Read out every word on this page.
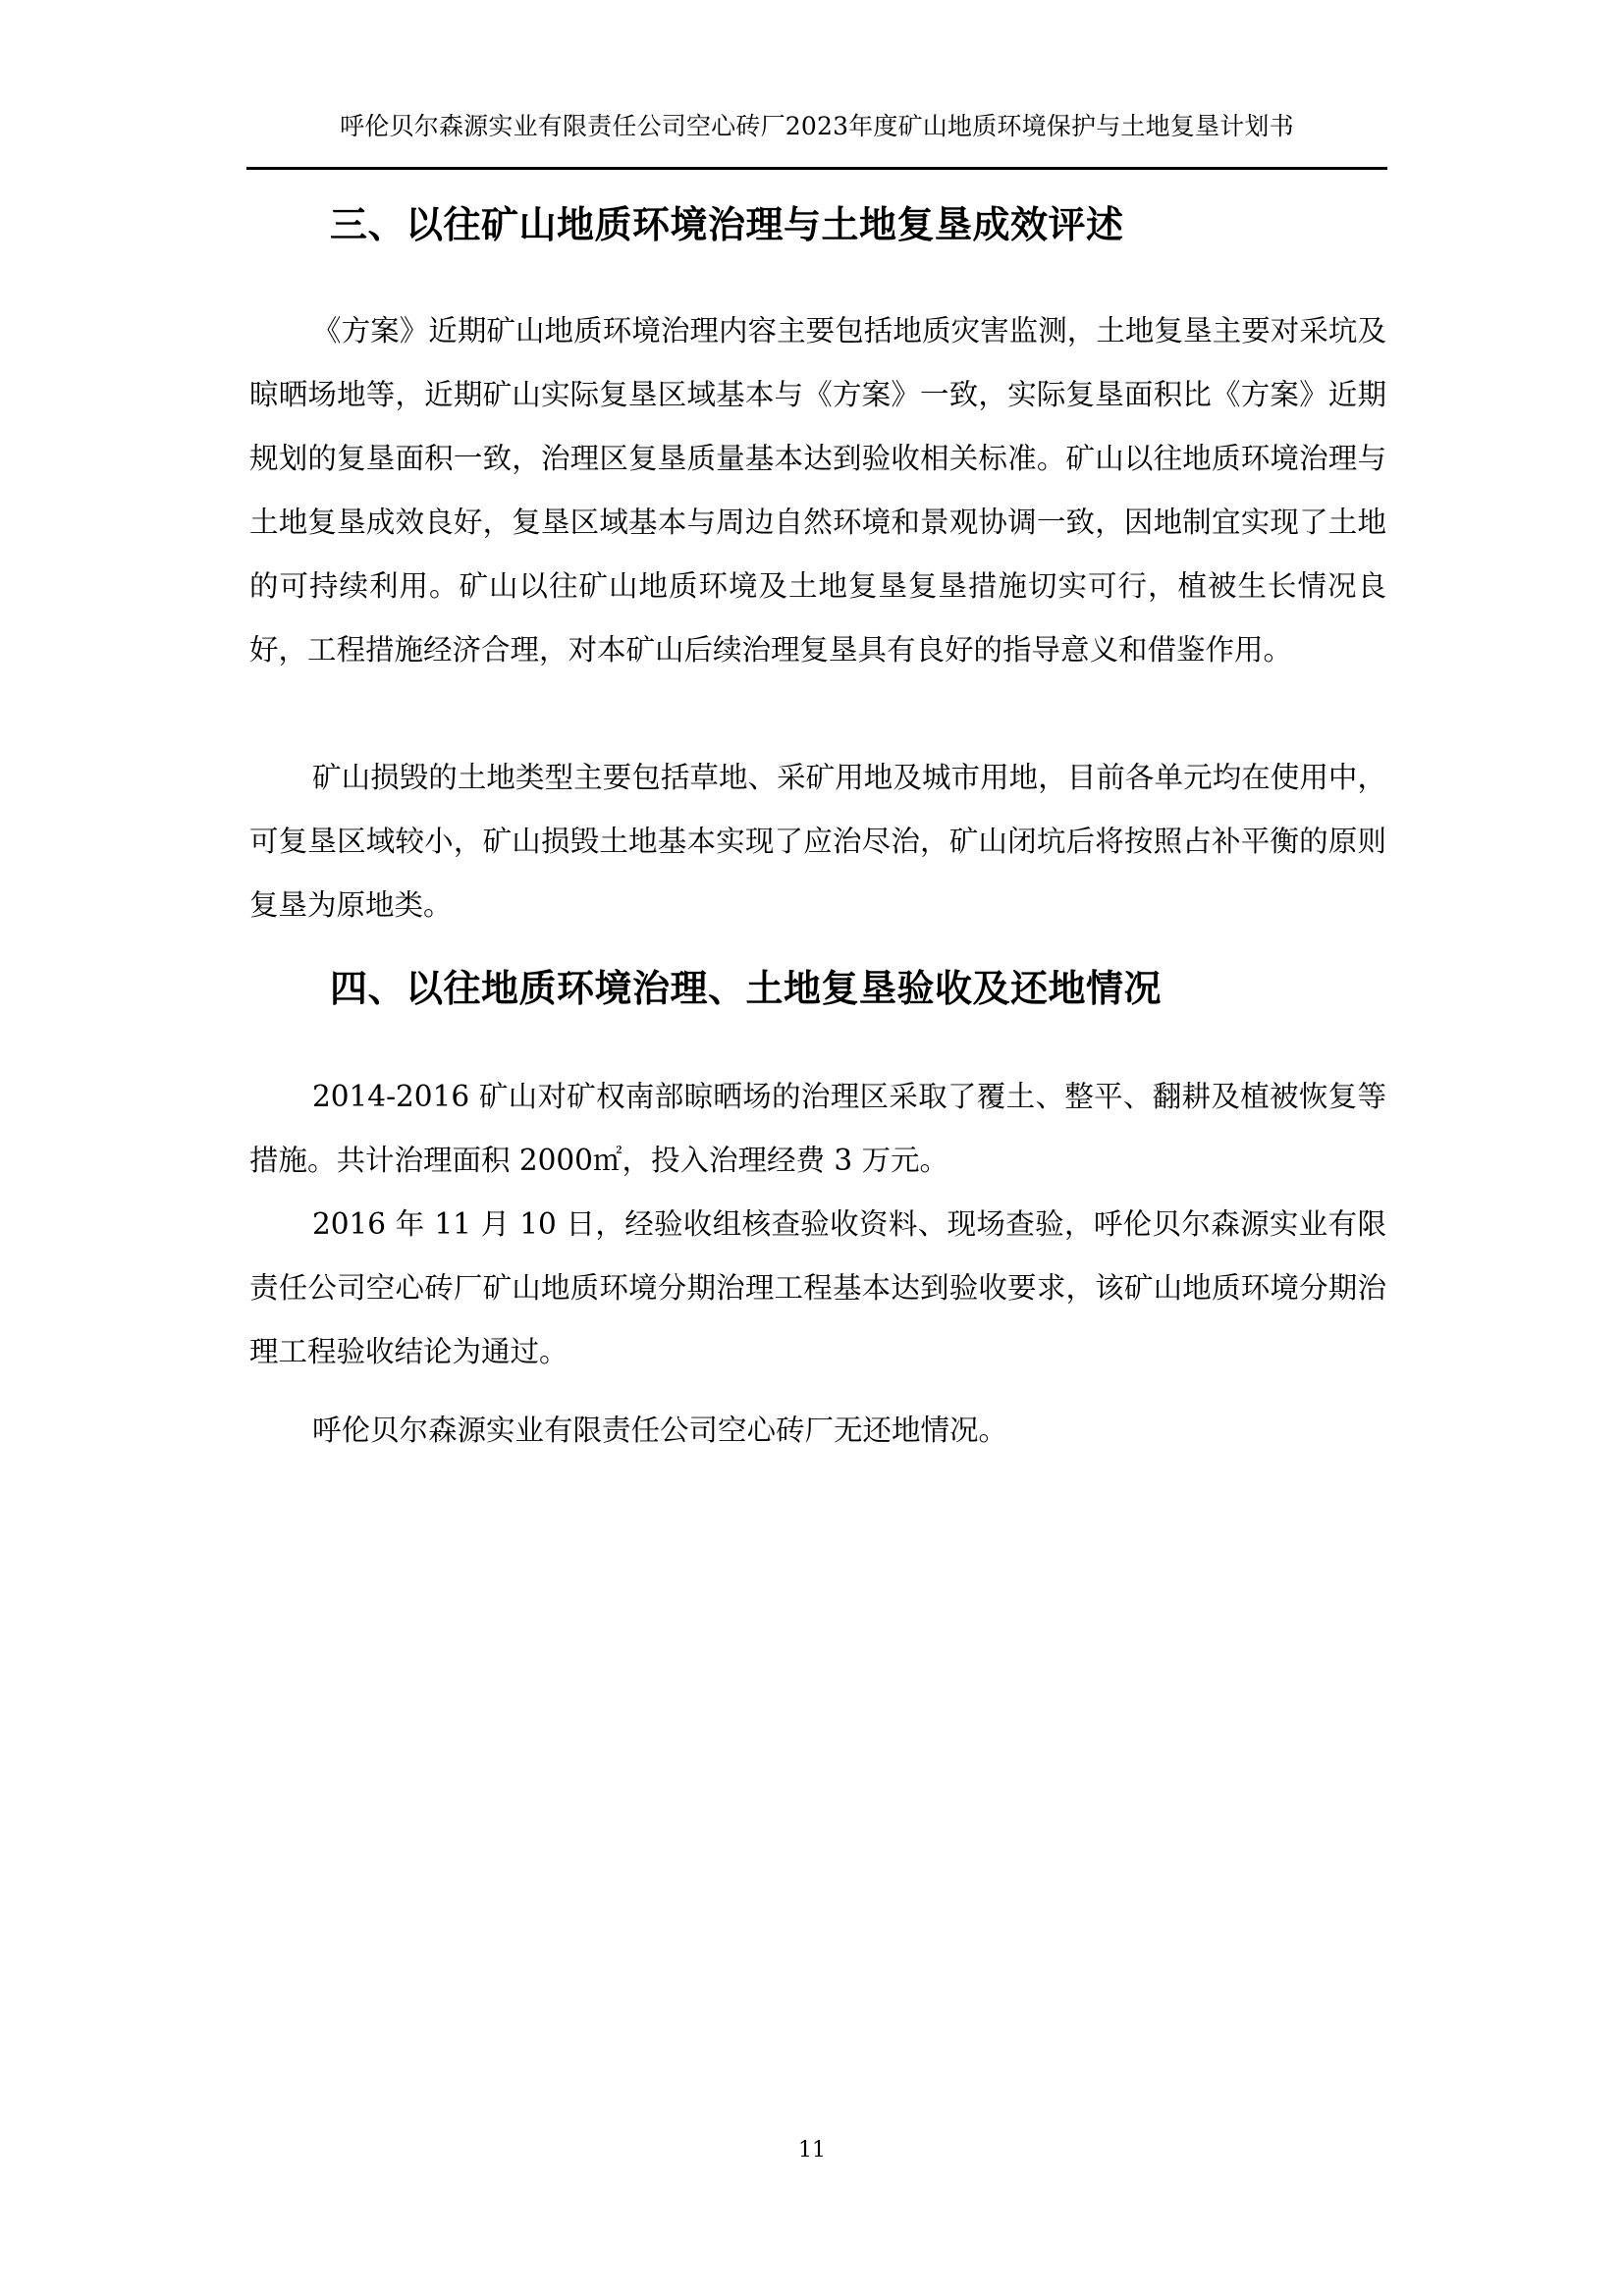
呼伦贝尔森源实业有限责任公司空心砖厂2023年度矿山地质环境保护与土地复垦计划书
三、以往矿山地质环境治理与土地复垦成效评述

《方案》近期矿山地质环境治理内容主要包括地质灾害监测，土地复垦主要对采坑及晾晒场地等，近期矿山实际复垦区域基本与《方案》一致，实际复垦面积比《方案》近期规划的复垦面积一致，治理区复垦质量基本达到验收相关标准。矿山以往地质环境治理与土地复垦成效良好，复垦区域基本与周边自然环境和景观协调一致，因地制宜实现了土地的可持续利用。矿山以往矿山地质环境及土地复垦复垦措施切实可行，植被生长情况良好，工程措施经济合理，对本矿山后续治理复垦具有良好的指导意义和借鉴作用。

矿山损毁的土地类型主要包括草地、采矿用地及城市用地，目前各单元均在使用中，可复垦区域较小，矿山损毁土地基本实现了应治尽治，矿山闭坑后将按照占补平衡的原则复垦为原地类。

四、以往地质环境治理、土地复垦验收及还地情况

2014-2016 矿山对矿权南部晾晒场的治理区采取了覆土、整平、翻耕及植被恢复等措施。共计治理面积 2000㎡，投入治理经费 3 万元。

2016 年 11 月 10 日，经验收组核查验收资料、现场查验，呼伦贝尔森源实业有限责任公司空心砖厂矿山地质环境分期治理工程基本达到验收要求，该矿山地质环境分期治理工程验收结论为通过。

呼伦贝尔森源实业有限责任公司空心砖厂无还地情况。

11
